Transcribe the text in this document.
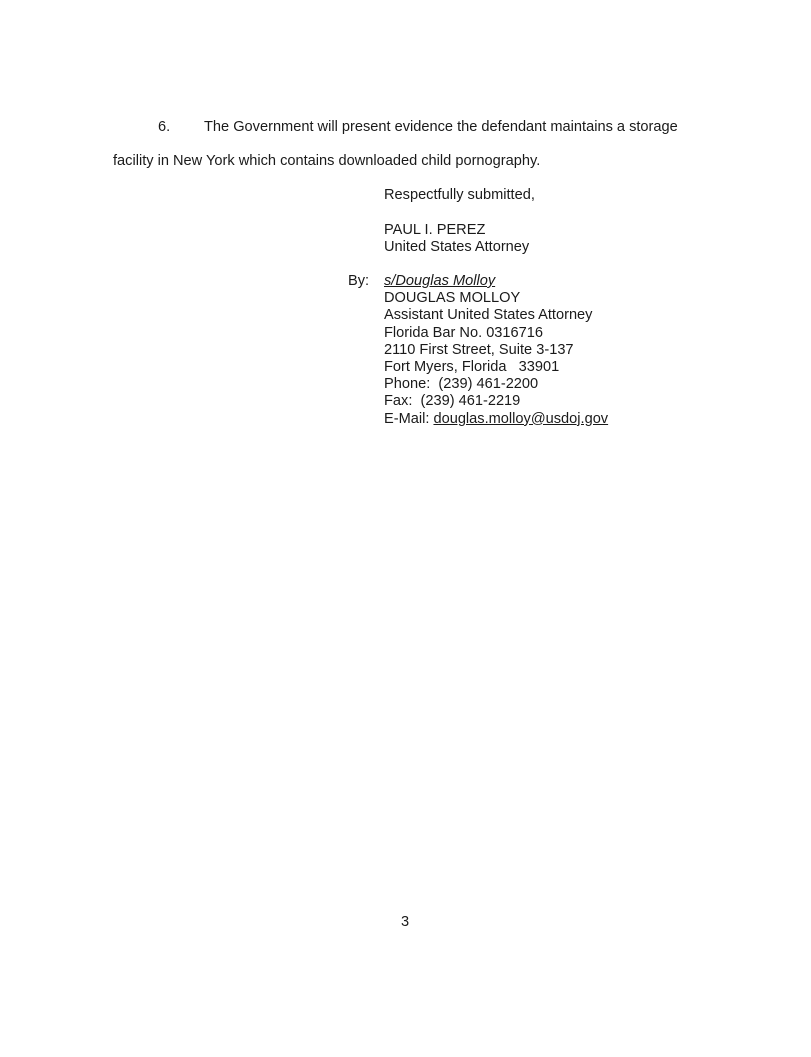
6. The Government will present evidence the defendant maintains a storage
facility in New York which contains downloaded child pornography.
Respectfully submitted,
PAUL I. PEREZ
United States Attorney
By: s/Douglas Molloy
DOUGLAS MOLLOY
Assistant United States Attorney
Florida Bar No. 0316716
2110 First Street, Suite 3-137
Fort Myers, Florida   33901
Phone:  (239) 461-2200
Fax:  (239) 461-2219
E-Mail: douglas.molloy@usdoj.gov
3
